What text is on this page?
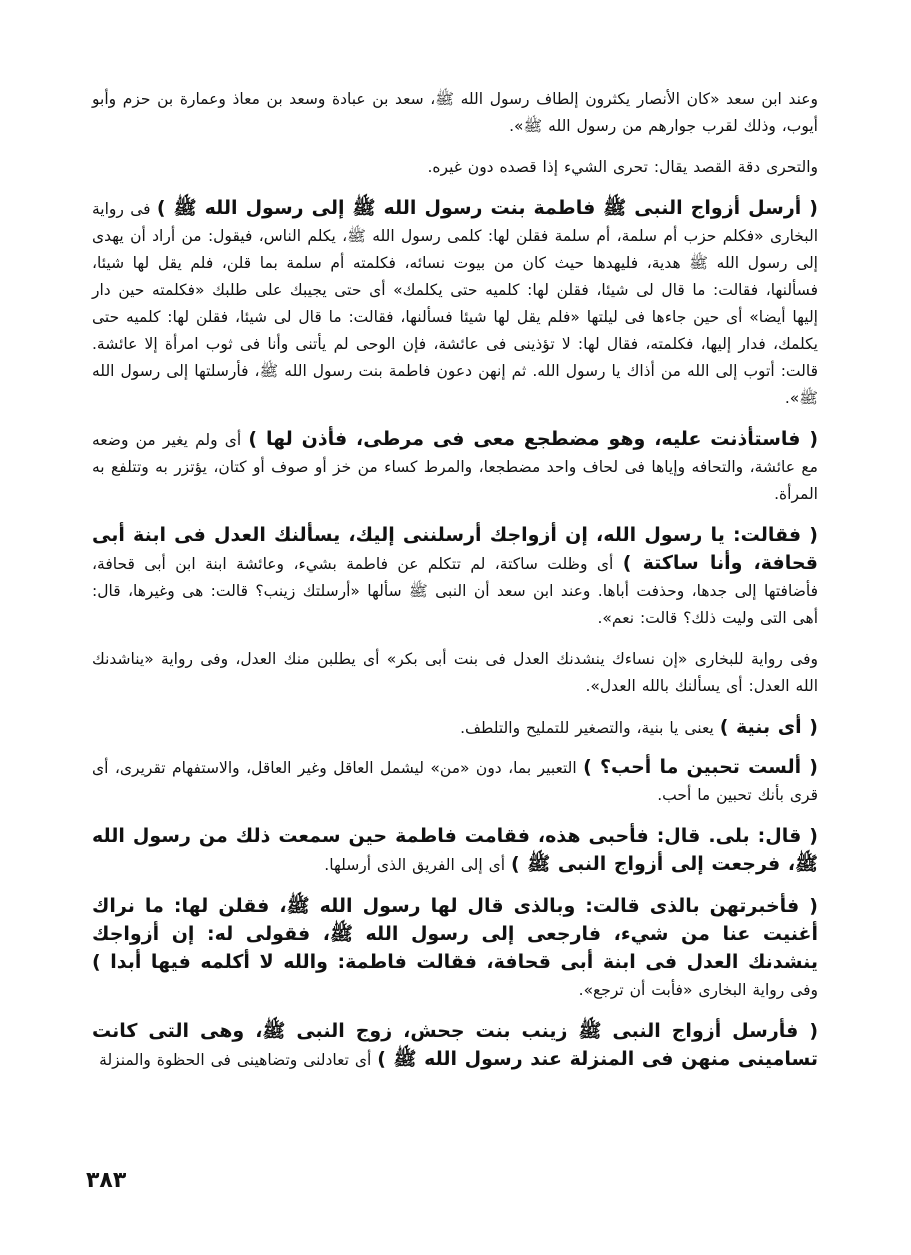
وعند ابن سعد «كان الأنصار يكثرون إلطاف رسول الله ﷺ، سعد بن عبادة وسعد بن معاذ وعمارة بن حزم وأبو أيوب، وذلك لقرب جوارهم من رسول الله ﷺ».

والتحرى دقة القصد يقال: تحرى الشيء إذا قصده دون غيره.

( أرسل أزواج النبى ﷺ فاطمة بنت رسول الله ﷺ إلى رسول الله ﷺ ) فى رواية البخارى «فكلم حزب أم سلمة، أم سلمة فقلن لها: كلمى رسول الله ﷺ، يكلم الناس، فيقول: من أراد أن يهدى إلى رسول الله ﷺ هدية، فليهدها حيث كان من بيوت نسائه، فكلمته أم سلمة بما قلن، فلم يقل لها شيئا، فسألنها، فقالت: ما قال لى شيئا، فقلن لها: كلميه حتى يكلمك» أى حتى يجيبك على طلبك «فكلمته حين دار إليها أيضا» أى حين جاءها فى ليلتها «فلم يقل لها شيئا فسألنها، فقالت: ما قال لى شيئا، فقلن لها: كلميه حتى يكلمك، فدار إليها، فكلمته، فقال لها: لا تؤذينى فى عائشة، فإن الوحى لم يأتنى وأنا فى ثوب امرأة إلا عائشة. قالت: أتوب إلى الله من أذاك يا رسول الله. ثم إنهن دعون فاطمة بنت رسول الله ﷺ، فأرسلتها إلى رسول الله ﷺ».

( فاستأذنت عليه، وهو مضطجع معى فى مرطى، فأذن لها ) أى ولم يغير من وضعه مع عائشة، والتحافه وإياها فى لحاف واحد مضطجعا، والمرط كساء من خز أو صوف أو كتان، يؤتزر به وتتلفع به المرأة.

( فقالت: يا رسول الله، إن أزواجك أرسلننى إليك، يسألنك العدل فى ابنة أبى قحافة، وأنا ساكتة ) أى وظلت ساكتة، لم تتكلم عن فاطمة بشيء، وعائشة ابنة ابن أبى قحافة، فأضافتها إلى جدها، وحذفت أباها. وعند ابن سعد أن النبى ﷺ سألها «أرسلتك زينب؟ قالت: هى وغيرها، قال: أهى التى وليت ذلك؟ قالت: نعم».

وفى رواية للبخارى «إن نساءك ينشدنك العدل فى بنت أبى بكر» أى يطلبن منك العدل، وفى رواية «يناشدنك الله العدل: أى يسألنك بالله العدل».

( أى بنية ) يعنى يا بنية، والتصغير للتمليح والتلطف.

( ألست تحبين ما أحب؟ ) التعبير بما، دون «من» ليشمل العاقل وغير العاقل، والاستفهام تقريرى، أى قرى بأنك تحبين ما أحب.

( قال: بلى. قال: فأحبى هذه، فقامت فاطمة حين سمعت ذلك من رسول الله ﷺ، فرجعت إلى أزواج النبى ﷺ ) أى إلى الفريق الذى أرسلها.

( فأخبرتهن بالذى قالت: وبالذى قال لها رسول الله ﷺ، فقلن لها: ما نراك أغنيت عنا من شيء، فارجعى إلى رسول الله ﷺ، فقولى له: إن أزواجك ينشدنك العدل فى ابنة أبى قحافة، فقالت فاطمة: والله لا أكلمه فيها أبدا ) وفى رواية البخارى «فأبت أن ترجع».

( فأرسل أزواج النبى ﷺ زينب بنت جحش، زوج النبى ﷺ، وهى التى كانت تسامينى منهن فى المنزلة عند رسول الله ﷺ ) أى تعادلنى وتضاهينى فى الحظوة والمنزلة

٣٨٣
